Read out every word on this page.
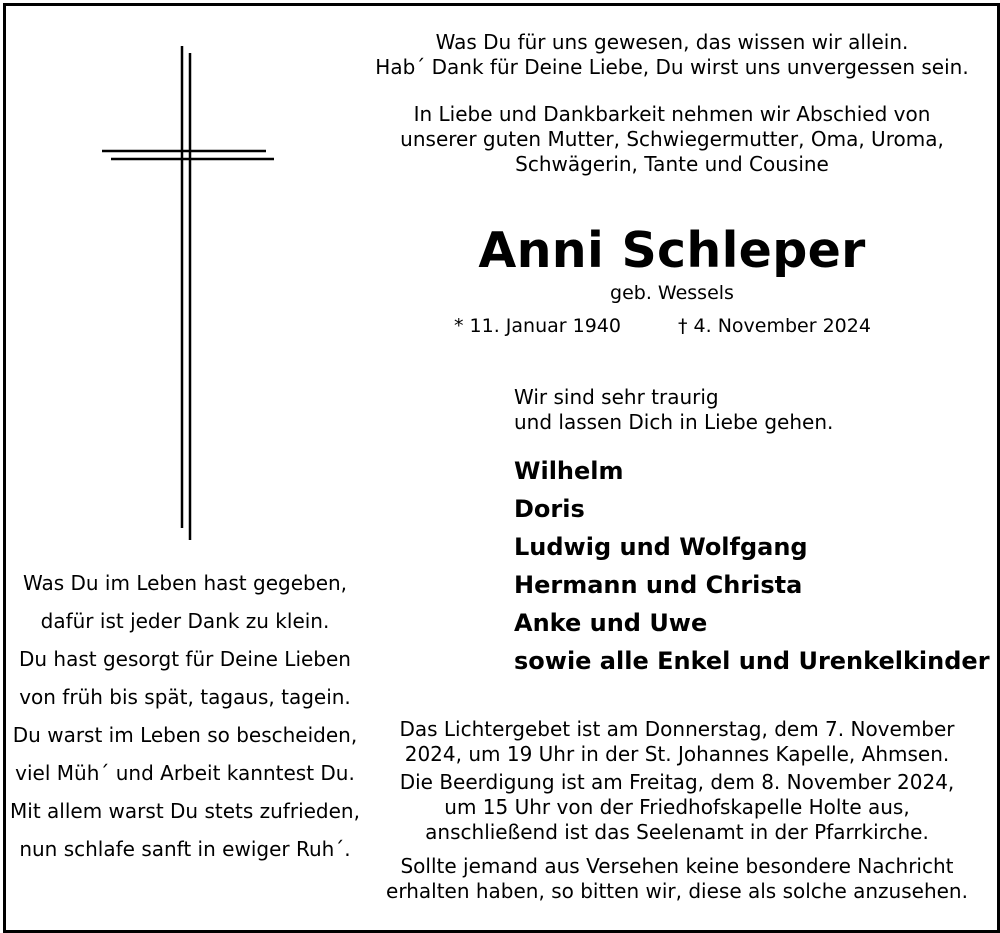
Was Du für uns gewesen, das wissen wir allein.
Hab´ Dank für Deine Liebe, Du wirst uns unvergessen sein.
In Liebe und Dankbarkeit nehmen wir Abschied von
unserer guten Mutter, Schwiegermutter, Oma, Uroma,
Schwägerin, Tante und Cousine
Anni Schleper
geb. Wessels
* 11. Januar 1940	† 4. November 2024
Wir sind sehr traurig
und lassen Dich in Liebe gehen.
Wilhelm
Doris
Ludwig und Wolfgang
Hermann und Christa
Anke und Uwe
sowie alle Enkel und Urenkelkinder
Was Du im Leben hast gegeben,
dafür ist jeder Dank zu klein.
Du hast gesorgt für Deine Lieben
von früh bis spät, tagaus, tagein.
Du warst im Leben so bescheiden,
viel Müh´ und Arbeit kanntest Du.
Mit allem warst Du stets zufrieden,
nun schlafe sanft in ewiger Ruh´.
Das Lichtergebet ist am Donnerstag, dem 7. November
2024, um 19 Uhr in der St. Johannes Kapelle, Ahmsen.
Die Beerdigung ist am Freitag, dem 8. November 2024,
um 15 Uhr von der Friedhofskapelle Holte aus,
anschließend ist das Seelenamt in der Pfarrkirche.
Sollte jemand aus Versehen keine besondere Nachricht
erhalten haben, so bitten wir, diese als solche anzusehen.
